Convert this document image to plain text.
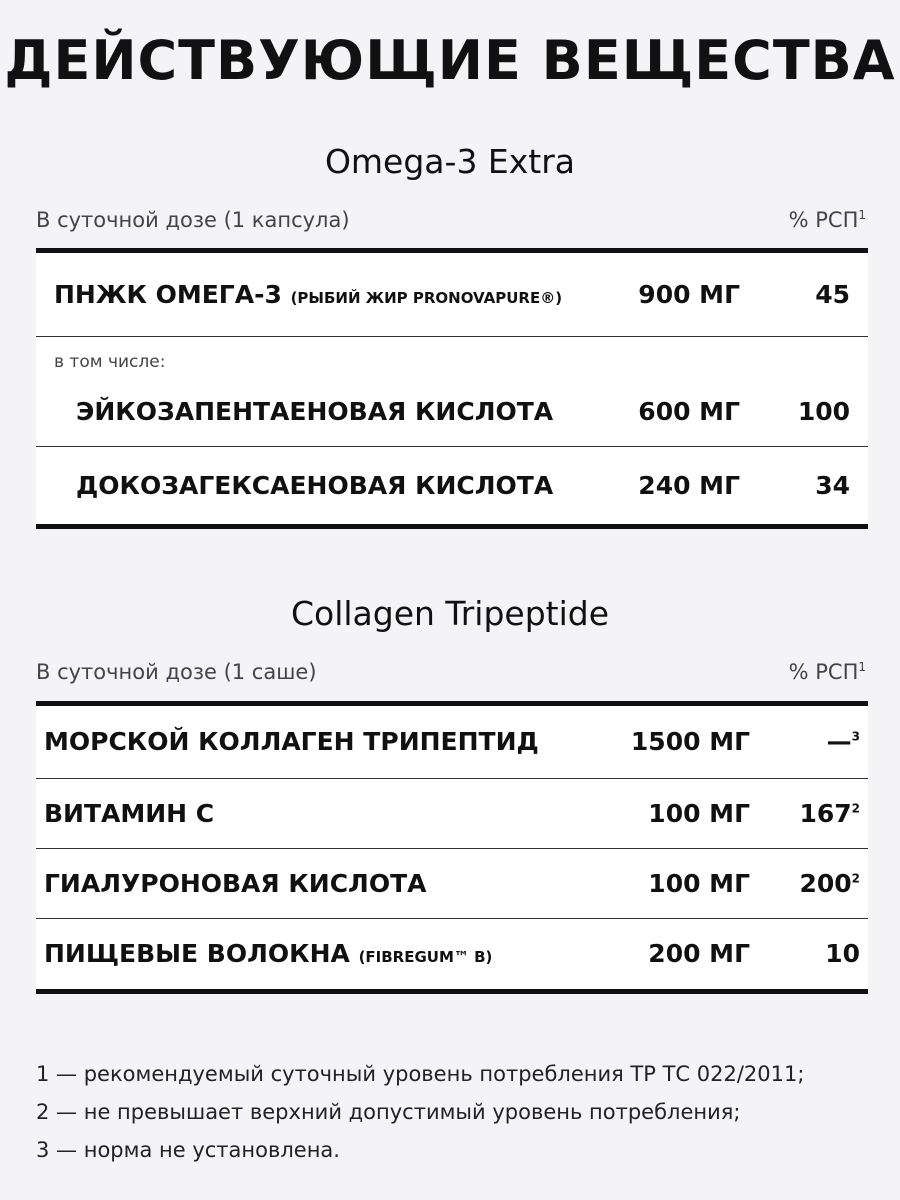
ДЕЙСТВУЮЩИЕ ВЕЩЕСТВА
Omega-3 Extra
В суточной дозе (1 капсула)	% РСП$^1$
ПНЖК ОМЕГА-3 (РЫБИЙ ЖИР PRONOVAPURE®)	900 МГ	45
в том числе:		
ЭЙКОЗАПЕНТАЕНОВАЯ КИСЛОТА	600 МГ	100
ДОКОЗАГЕКСАЕНОВАЯ КИСЛОТА	240 МГ	34
Collagen Tripeptide
В суточной дозе (1 саше)	% РСП$^1$
МОРСКОЙ КОЛЛАГЕН ТРИПЕПТИД	1500 МГ	—$^3$
ВИТАМИН С	100 МГ	$167^2$
ГИАЛУРОНОВАЯ КИСЛОТА	100 МГ	$200^2$
ПИЩЕВЫЕ ВОЛОКНА (FIBREGUM™ B)	200 МГ	10
1 — рекомендуемый суточный уровень потребления ТР ТС 022/2011;
2 — не превышает верхний допустимый уровень потребления;
3 — норма не установлена.
